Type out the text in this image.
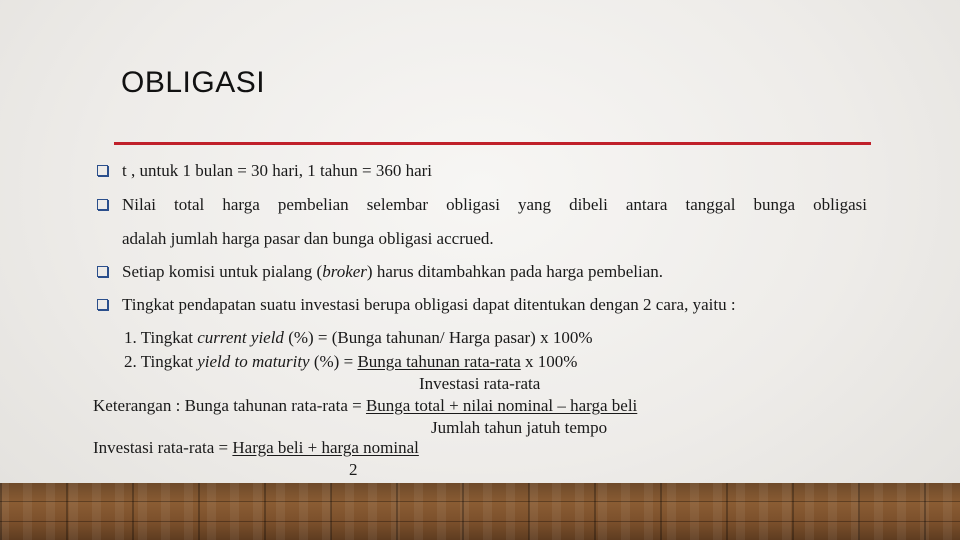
OBLIGASI
t , untuk 1 bulan = 30 hari, 1 tahun = 360 hari
Nilai total harga pembelian selembar obligasi yang dibeli antara tanggal bunga obligasi
adalah jumlah harga pasar dan bunga obligasi accrued.
Setiap komisi untuk pialang (broker) harus ditambahkan pada harga pembelian.
Tingkat pendapatan suatu investasi berupa obligasi dapat ditentukan dengan 2 cara, yaitu :
1. Tingkat current yield (%) = (Bunga tahunan/ Harga pasar) x 100%
2. Tingkat yield to maturity (%) = Bunga tahunan rata-rata x 100%
Investasi rata-rata
Keterangan : Bunga tahunan rata-rata = Bunga total + nilai nominal – harga beli
Jumlah tahun jatuh tempo
Investasi rata-rata = Harga beli + harga nominal
2
